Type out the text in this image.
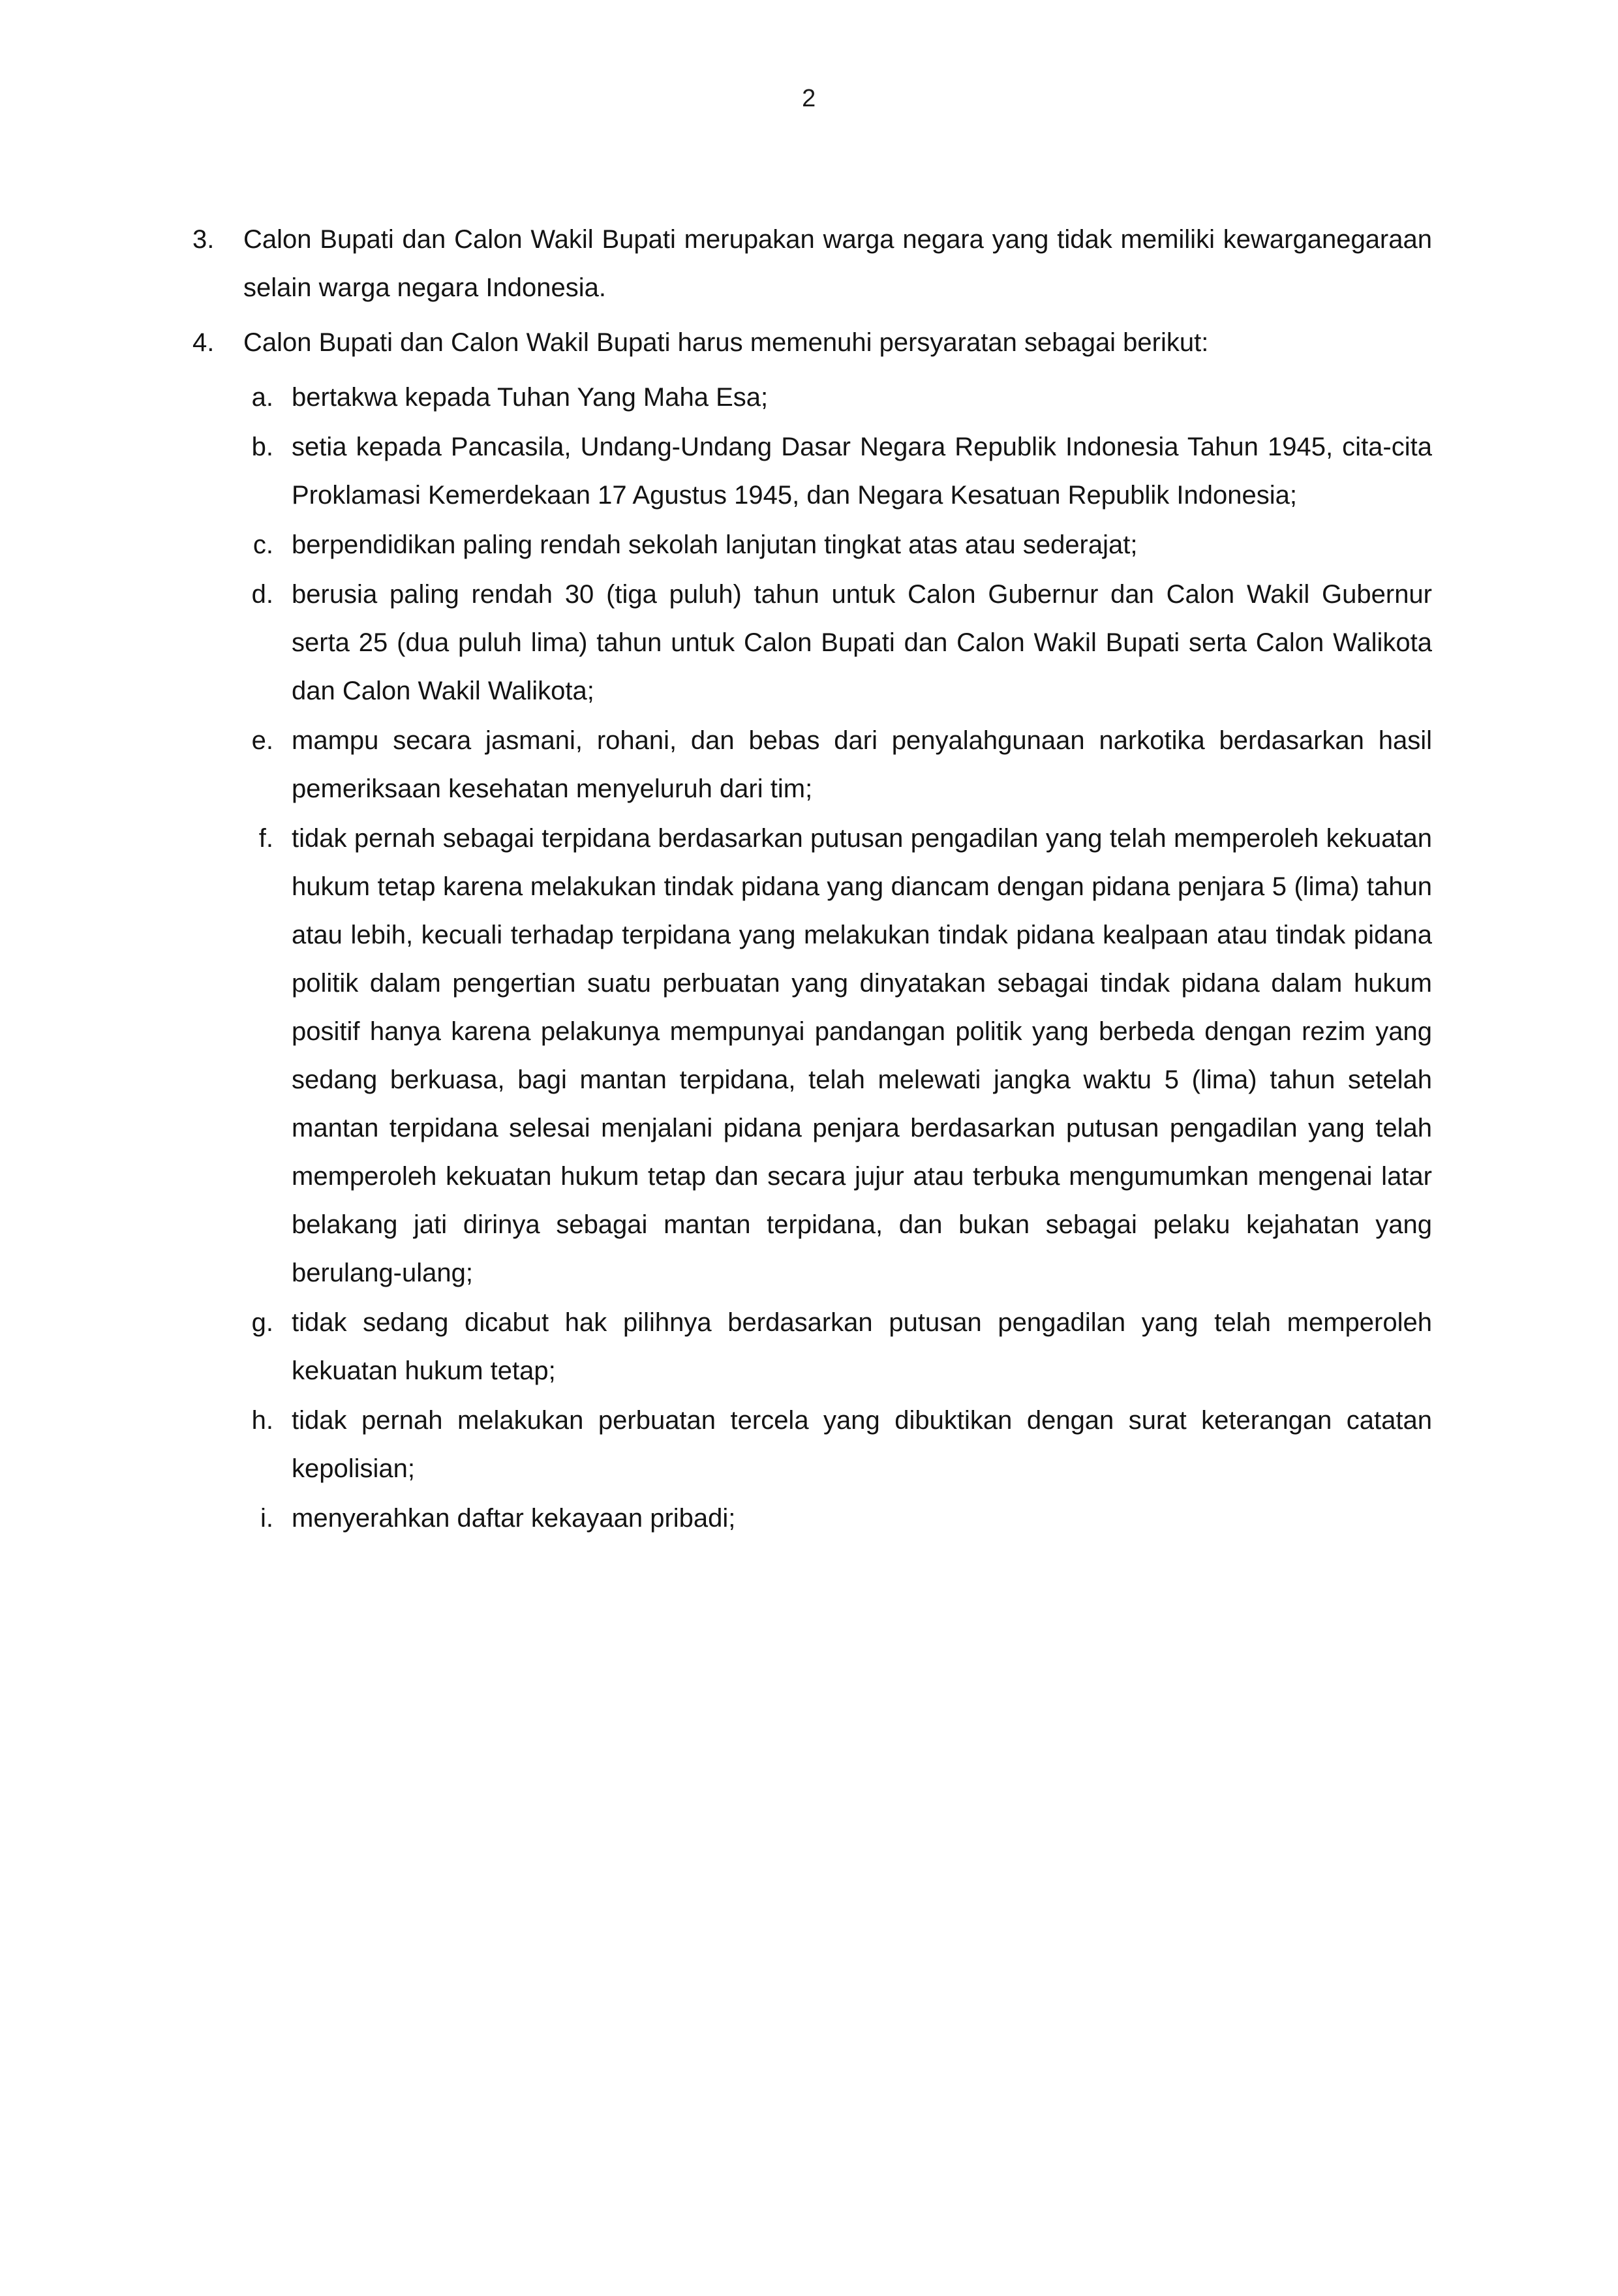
2
3.	Calon Bupati dan Calon Wakil Bupati merupakan warga negara yang tidak memiliki kewarganegaraan selain warga negara Indonesia.
4.	Calon Bupati dan Calon Wakil Bupati harus memenuhi persyaratan sebagai berikut:
a. bertakwa kepada Tuhan Yang Maha Esa;
b. setia kepada Pancasila, Undang-Undang Dasar Negara Republik Indonesia Tahun 1945, cita-cita Proklamasi Kemerdekaan 17 Agustus 1945, dan Negara Kesatuan Republik Indonesia;
c. berpendidikan paling rendah sekolah lanjutan tingkat atas atau sederajat;
d. berusia paling rendah 30 (tiga puluh) tahun untuk Calon Gubernur dan Calon Wakil Gubernur serta 25 (dua puluh lima) tahun untuk Calon Bupati dan Calon Wakil Bupati serta Calon Walikota dan Calon Wakil Walikota;
e. mampu secara jasmani, rohani, dan bebas dari penyalahgunaan narkotika berdasarkan hasil pemeriksaan kesehatan menyeluruh dari tim;
f. tidak pernah sebagai terpidana berdasarkan putusan pengadilan yang telah memperoleh kekuatan hukum tetap karena melakukan tindak pidana yang diancam dengan pidana penjara 5 (lima) tahun atau lebih, kecuali terhadap terpidana yang melakukan tindak pidana kealpaan atau tindak pidana politik dalam pengertian suatu perbuatan yang dinyatakan sebagai tindak pidana dalam hukum positif hanya karena pelakunya mempunyai pandangan politik yang berbeda dengan rezim yang sedang berkuasa, bagi mantan terpidana, telah melewati jangka waktu 5 (lima) tahun setelah mantan terpidana selesai menjalani pidana penjara berdasarkan putusan pengadilan yang telah memperoleh kekuatan hukum tetap dan secara jujur atau terbuka mengumumkan mengenai latar belakang jati dirinya sebagai mantan terpidana, dan bukan sebagai pelaku kejahatan yang berulang-ulang;
g. tidak sedang dicabut hak pilihnya berdasarkan putusan pengadilan yang telah memperoleh kekuatan hukum tetap;
h. tidak pernah melakukan perbuatan tercela yang dibuktikan dengan surat keterangan catatan kepolisian;
i. menyerahkan daftar kekayaan pribadi;
